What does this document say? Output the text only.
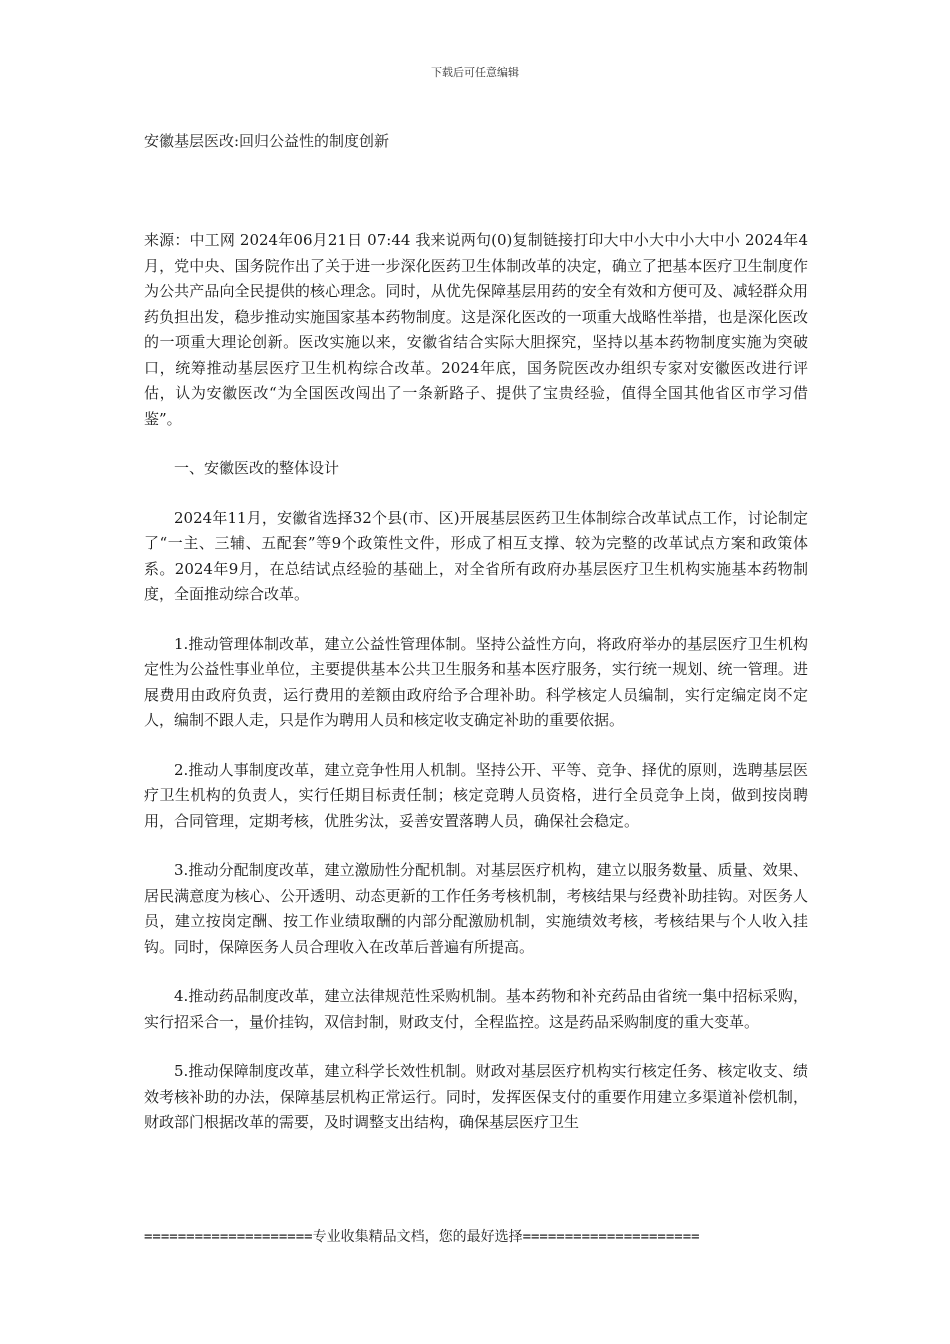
下载后可任意编辑
安徽基层医改:回归公益性的制度创新

来源：中工网 2024年06月21日 07:44 我来说两句(0)复制链接打印大中小大中小大中小 2024年4月，党中央、国务院作出了关于进一步深化医药卫生体制改革的决定，确立了把基本医疗卫生制度作为公共产品向全民提供的核心理念。同时，从优先保障基层用药的安全有效和方便可及、减轻群众用药负担出发，稳步推动实施国家基本药物制度。这是深化医改的一项重大战略性举措，也是深化医改的一项重大理论创新。医改实施以来，安徽省结合实际大胆探究，坚持以基本药物制度实施为突破口，统筹推动基层医疗卫生机构综合改革。2024年底，国务院医改办组织专家对安徽医改进行评估，认为安徽医改“为全国医改闯出了一条新路子、提供了宝贵经验，值得全国其他省区市学习借鉴”。

一、安徽医改的整体设计

2024年11月，安徽省选择32个县(市、区)开展基层医药卫生体制综合改革试点工作，讨论制定了“一主、三辅、五配套”等9个政策性文件，形成了相互支撑、较为完整的改革试点方案和政策体系。2024年9月，在总结试点经验的基础上，对全省所有政府办基层医疗卫生机构实施基本药物制度，全面推动综合改革。

1.推动管理体制改革，建立公益性管理体制。坚持公益性方向，将政府举办的基层医疗卫生机构定性为公益性事业单位，主要提供基本公共卫生服务和基本医疗服务，实行统一规划、统一管理。进展费用由政府负责，运行费用的差额由政府给予合理补助。科学核定人员编制，实行定编定岗不定人，编制不跟人走，只是作为聘用人员和核定收支确定补助的重要依据。

2.推动人事制度改革，建立竞争性用人机制。坚持公开、平等、竞争、择优的原则，选聘基层医疗卫生机构的负责人，实行任期目标责任制；核定竞聘人员资格，进行全员竞争上岗，做到按岗聘用，合同管理，定期考核，优胜劣汰，妥善安置落聘人员，确保社会稳定。

3.推动分配制度改革，建立激励性分配机制。对基层医疗机构，建立以服务数量、质量、效果、居民满意度为核心、公开透明、动态更新的工作任务考核机制，考核结果与经费补助挂钩。对医务人员，建立按岗定酬、按工作业绩取酬的内部分配激励机制，实施绩效考核，考核结果与个人收入挂钩。同时，保障医务人员合理收入在改革后普遍有所提高。

4.推动药品制度改革，建立法律规范性采购机制。基本药物和补充药品由省统一集中招标采购，实行招采合一，量价挂钩，双信封制，财政支付，全程监控。这是药品采购制度的重大变革。

5.推动保障制度改革，建立科学长效性机制。财政对基层医疗机构实行核定任务、核定收支、绩效考核补助的办法，保障基层机构正常运行。同时，发挥医保支付的重要作用建立多渠道补偿机制，财政部门根据改革的需要，及时调整支出结构，确保基层医疗卫生

====================专业收集精品文档，您的最好选择=====================
